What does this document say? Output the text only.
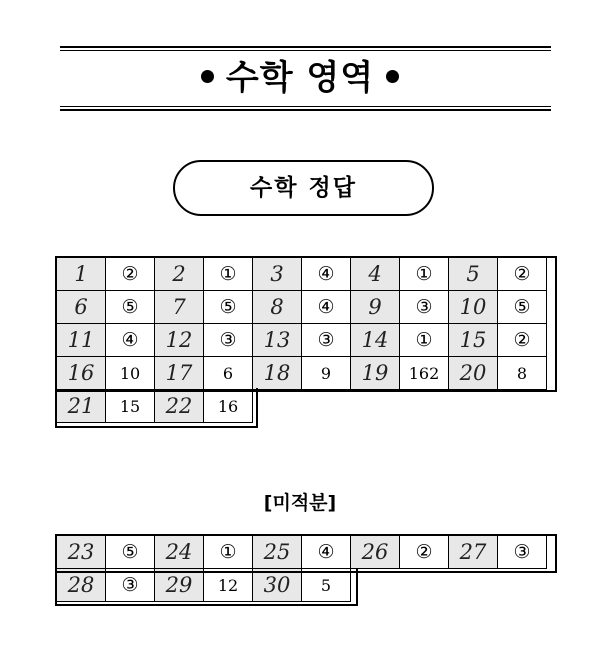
수학 영역
수학 정답
1	②	2	①	3	④	4	①	5	②
6	⑤	7	⑤	8	④	9	③	10	⑤
11	④	12	③	13	③	14	①	15	②
16	10	17	6	18	9	19	162	20	8
21	15	22	16						
[미적분]
23	⑤	24	①	25	④	26	②	27	③
28	③	29	12	30	5				
